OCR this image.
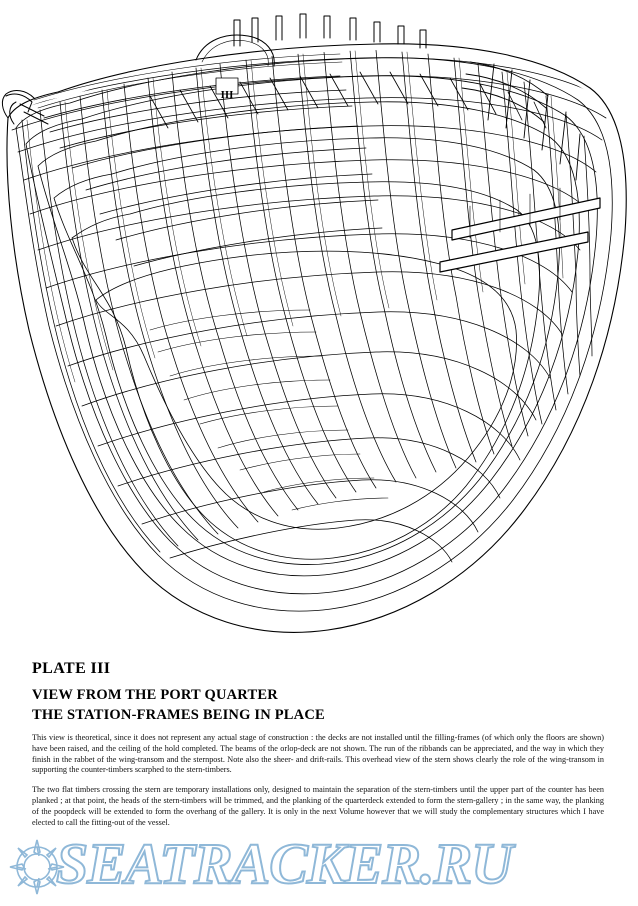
III
PLATE III
VIEW FROM THE PORT QUARTER
THE STATION-FRAMES BEING IN PLACE

This view is theoretical, since it does not represent any actual stage of construction : the decks are not installed until the filling-frames (of which only the floors are shown) have been raised, and the ceiling of the hold completed. The beams of the orlop-deck are not shown. The run of the ribbands can be appreciated, and the way in which they finish in the rabbet of the wing-transom and the sternpost. Note also the sheer- and drift-rails. This overhead view of the stern shows clearly the role of the wing-transom in supporting the counter-timbers scarphed to the stern-timbers.

The two flat timbers crossing the stern are temporary installations only, designed to maintain the separation of the stern-timbers until the upper part of the counter has been planked ; at that point, the heads of the stern-timbers will be trimmed, and the planking of the quarterdeck extended to form the stern-gallery ; in the same way, the planking of the poopdeck will be extended to form the overhang of the gallery. It is only in the next Volume however that we will study the complementary structures which I have elected to call the fitting-out of the vessel.

SEATRACKER.RU
